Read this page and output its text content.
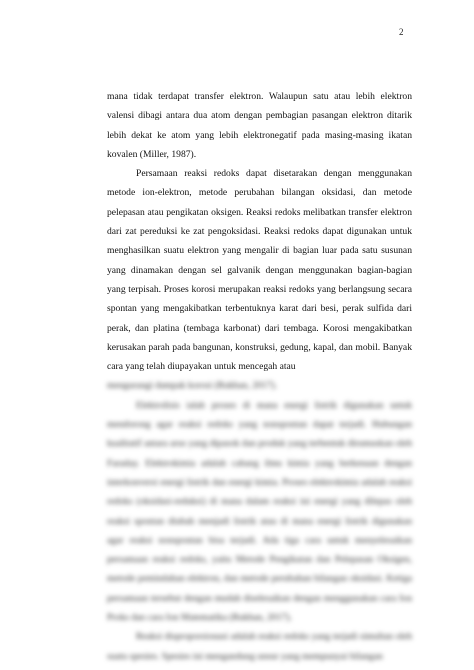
2

mana tidak terdapat transfer elektron. Walaupun satu atau lebih elektron valensi dibagi antara dua atom dengan pembagian pasangan elektron ditarik lebih dekat ke atom yang lebih elektronegatif pada masing-masing ikatan kovalen (Miller, 1987).

Persamaan reaksi redoks dapat disetarakan dengan menggunakan metode ion-elektron, metode perubahan bilangan oksidasi, dan metode pelepasan atau pengikatan oksigen. Reaksi redoks melibatkan transfer elektron dari zat pereduksi ke zat pengoksidasi. Reaksi redoks dapat digunakan untuk menghasilkan suatu elektron yang mengalir di bagian luar pada satu susunan yang dinamakan dengan sel galvanik dengan menggunakan bagian-bagian yang terpisah. Proses korosi merupakan reaksi redoks yang berlangsung secara spontan yang mengakibatkan terbentuknya karat dari besi, perak sulfida dari perak, dan platina (tembaga karbonat) dari tembaga. Korosi mengakibatkan kerusakan parah pada bangunan, konstruksi, gedung, kapal, dan mobil. Banyak cara yang telah diupayakan untuk mencegah atau

mengurangi dampak korosi (Rukhan, 2017).

Elektrolisis ialah proses di mana energi listrik digunakan untuk mendorong agar reaksi redoks yang nonspontan dapat terjadi. Hubungan kualitatif antara arus yang dipasok dan produk yang terbentuk dirumuskan oleh Faraday. Elektrokimia adalah cabang ilmu kimia yang berkenaan dengan interkonversi energi listrik dan energi kimia. Proses elektrokimia adalah reaksi redoks (oksidasi-reduksi) di mana dalam reaksi ini energi yang dilepas oleh reaksi spontan diubah menjadi listrik atau di mana energi listrik digunakan agar reaksi nonspontan bisa terjadi. Ada tiga cara untuk menyelesaikan persamaan reaksi redoks, yaitu Metode Pengikatan dan Pelepasan Oksigen, metode pemindahan elektron, dan metode perubahan bilangan oksidasi. Ketiga persamaan tersebut dengan mudah diselesaikan dengan menggunakan cara Ion Proks dan cara Ion Matematika (Rukhan, 2017).

Reaksi disproporsionasi adalah reaksi redoks yang terjadi simultan oleh suatu spesies. Spesies ini mengandung unsur yang mempunyai bilangan
